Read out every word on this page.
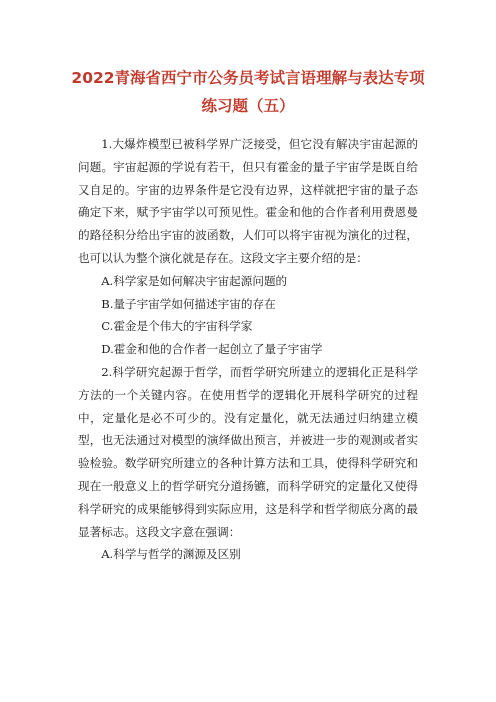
2022青海省西宁市公务员考试言语理解与表达专项
练习题（五）

1.大爆炸模型已被科学界广泛接受，但它没有解决宇宙起源的问题。宇宙起源的学说有若干，但只有霍金的量子宇宙学是既自给又自足的。宇宙的边界条件是它没有边界，这样就把宇宙的量子态确定下来，赋予宇宙学以可预见性。霍金和他的合作者利用费恩曼的路径积分给出宇宙的波函数，人们可以将宇宙视为演化的过程，也可以认为整个演化就是存在。这段文字主要介绍的是：

A.科学家是如何解决宇宙起源问题的

B.量子宇宙学如何描述宇宙的存在

C.霍金是个伟大的宇宙科学家

D.霍金和他的合作者一起创立了量子宇宙学

2.科学研究起源于哲学，而哲学研究所建立的逻辑化正是科学方法的一个关键内容。在使用哲学的逻辑化开展科学研究的过程中，定量化是必不可少的。没有定量化，就无法通过归纳建立模型，也无法通过对模型的演绎做出预言，并被进一步的观测或者实验检验。数学研究所建立的各种计算方法和工具，使得科学研究和现在一般意义上的哲学研究分道扬镳，而科学研究的定量化又使得科学研究的成果能够得到实际应用，这是科学和哲学彻底分离的最显著标志。这段文字意在强调：

A.科学与哲学的渊源及区别
